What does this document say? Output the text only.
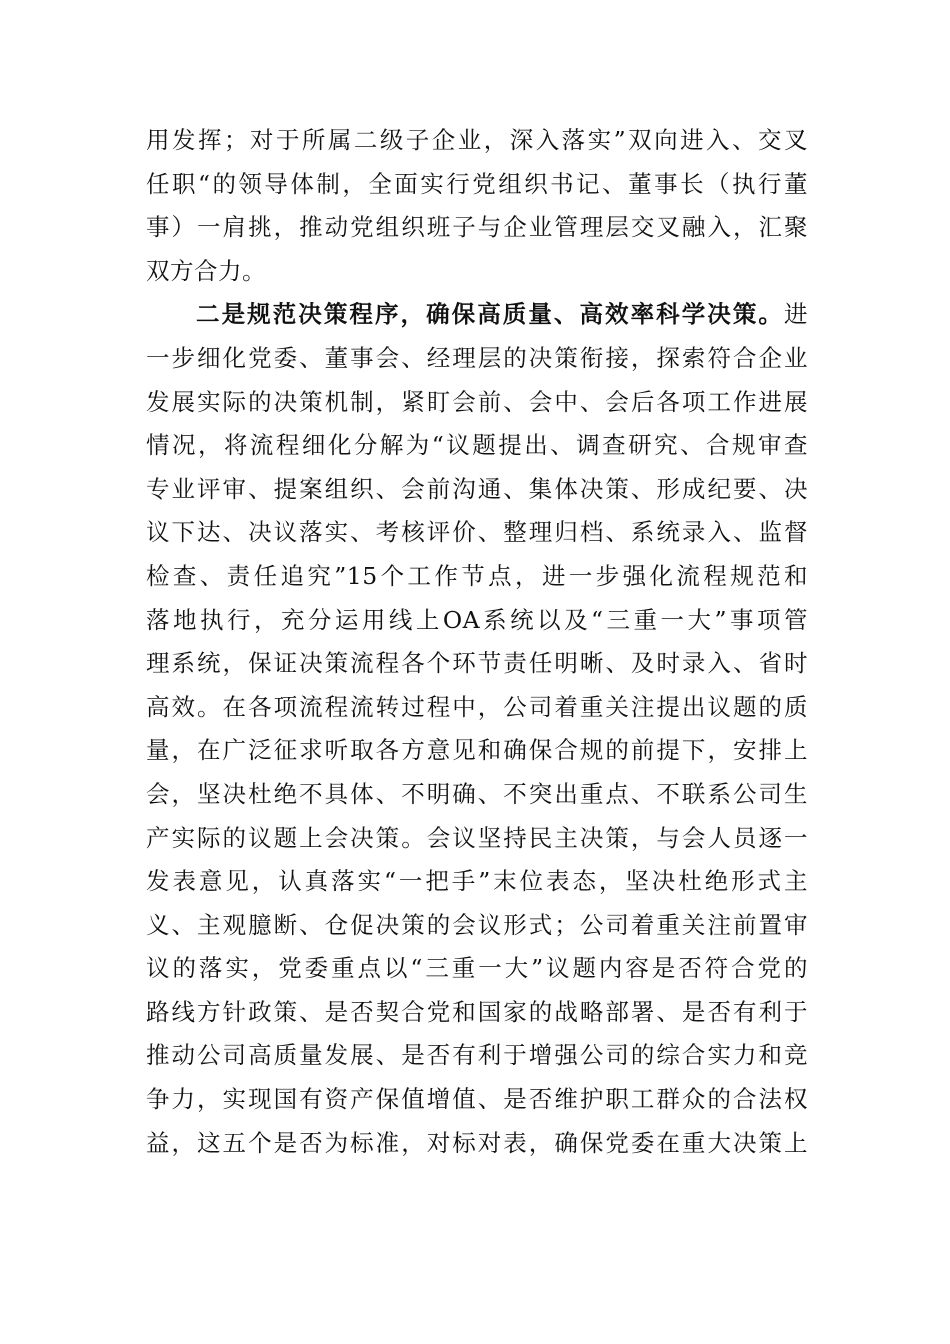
用发挥；对于所属二级子企业，深入落实”双向进入、交叉
任职“的领导体制，全面实行党组织书记、董事长（执行董
事）一肩挑，推动党组织班子与企业管理层交叉融入，汇聚
双方合力。
二是规范决策程序，确保高质量、高效率科学决策。进
一步细化党委、董事会、经理层的决策衔接，探索符合企业
发展实际的决策机制，紧盯会前、会中、会后各项工作进展
情况，将流程细化分解为“议题提出、调查研究、合规审查
专业评审、提案组织、会前沟通、集体决策、形成纪要、决
议下达、决议落实、考核评价、整理归档、系统录入、监督
检查、责任追究”15个工作节点，进一步强化流程规范和
落地执行，充分运用线上OA系统以及“三重一大”事项管
理系统，保证决策流程各个环节责任明晰、及时录入、省时
高效。在各项流程流转过程中，公司着重关注提出议题的质
量，在广泛征求听取各方意见和确保合规的前提下，安排上
会，坚决杜绝不具体、不明确、不突出重点、不联系公司生
产实际的议题上会决策。会议坚持民主决策，与会人员逐一
发表意见，认真落实“一把手”末位表态，坚决杜绝形式主
义、主观臆断、仓促决策的会议形式；公司着重关注前置审
议的落实，党委重点以“三重一大”议题内容是否符合党的
路线方针政策、是否契合党和国家的战略部署、是否有利于
推动公司高质量发展、是否有利于增强公司的综合实力和竞
争力，实现国有资产保值增值、是否维护职工群众的合法权
益，这五个是否为标准，对标对表，确保党委在重大决策上
